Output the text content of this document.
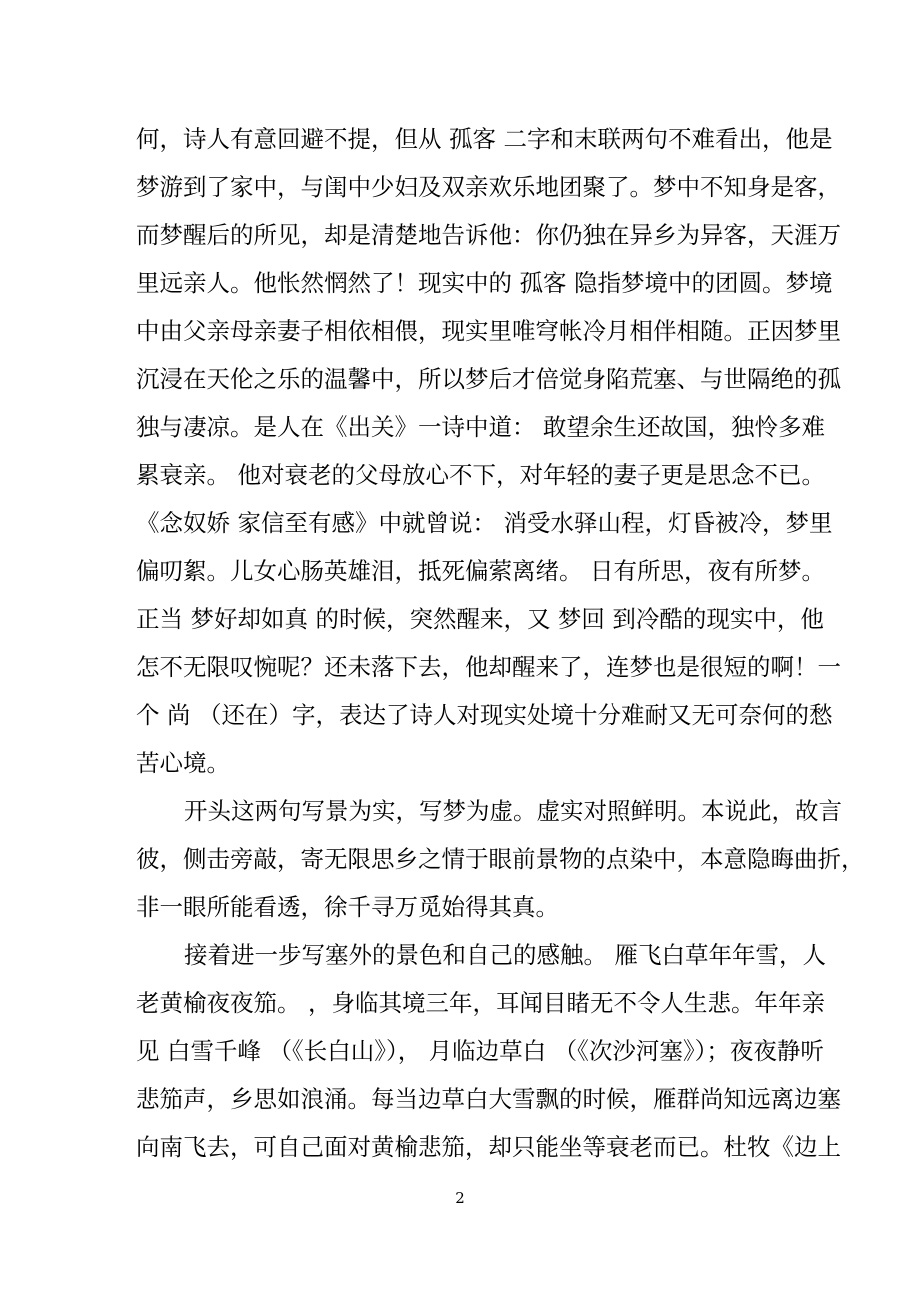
何，诗人有意回避不提，但从 孤客 二字和末联两句不难看出，他是
梦游到了家中，与闺中少妇及双亲欢乐地团聚了。梦中不知身是客，
而梦醒后的所见，却是清楚地告诉他：你仍独在异乡为异客，天涯万
里远亲人。他怅然惘然了！现实中的 孤客 隐指梦境中的团圆。梦境
中由父亲母亲妻子相依相偎，现实里唯穹帐冷月相伴相随。正因梦里
沉浸在天伦之乐的温馨中，所以梦后才倍觉身陷荒塞、与世隔绝的孤
独与凄凉。是人在《出关》一诗中道： 敢望余生还故国，独怜多难
累衰亲。 他对衰老的父母放心不下，对年轻的妻子更是思念不已。
《念奴娇 家信至有感》中就曾说： 消受水驿山程，灯昏被冷，梦里
偏叨絮。儿女心肠英雄泪，抵死偏萦离绪。 日有所思，夜有所梦。
正当 梦好却如真 的时候，突然醒来，又 梦回 到冷酷的现实中，他
怎不无限叹惋呢？还未落下去，他却醒来了，连梦也是很短的啊！一
个 尚 （还在）字，表达了诗人对现实处境十分难耐又无可奈何的愁
苦心境。
开头这两句写景为实，写梦为虚。虚实对照鲜明。本说此，故言
彼，侧击旁敲，寄无限思乡之情于眼前景物的点染中，本意隐晦曲折，
非一眼所能看透，徐千寻万觅始得其真。
接着进一步写塞外的景色和自己的感触。 雁飞白草年年雪，人
老黄榆夜夜笳。 ，身临其境三年，耳闻目睹无不令人生悲。年年亲
见 白雪千峰 （《长白山》）， 月临边草白 （《次沙河塞》）；夜夜静听
悲笳声，乡思如浪涌。每当边草白大雪飘的时候，雁群尚知远离边塞
向南飞去，可自己面对黄榆悲笳，却只能坐等衰老而已。杜牧《边上
2
